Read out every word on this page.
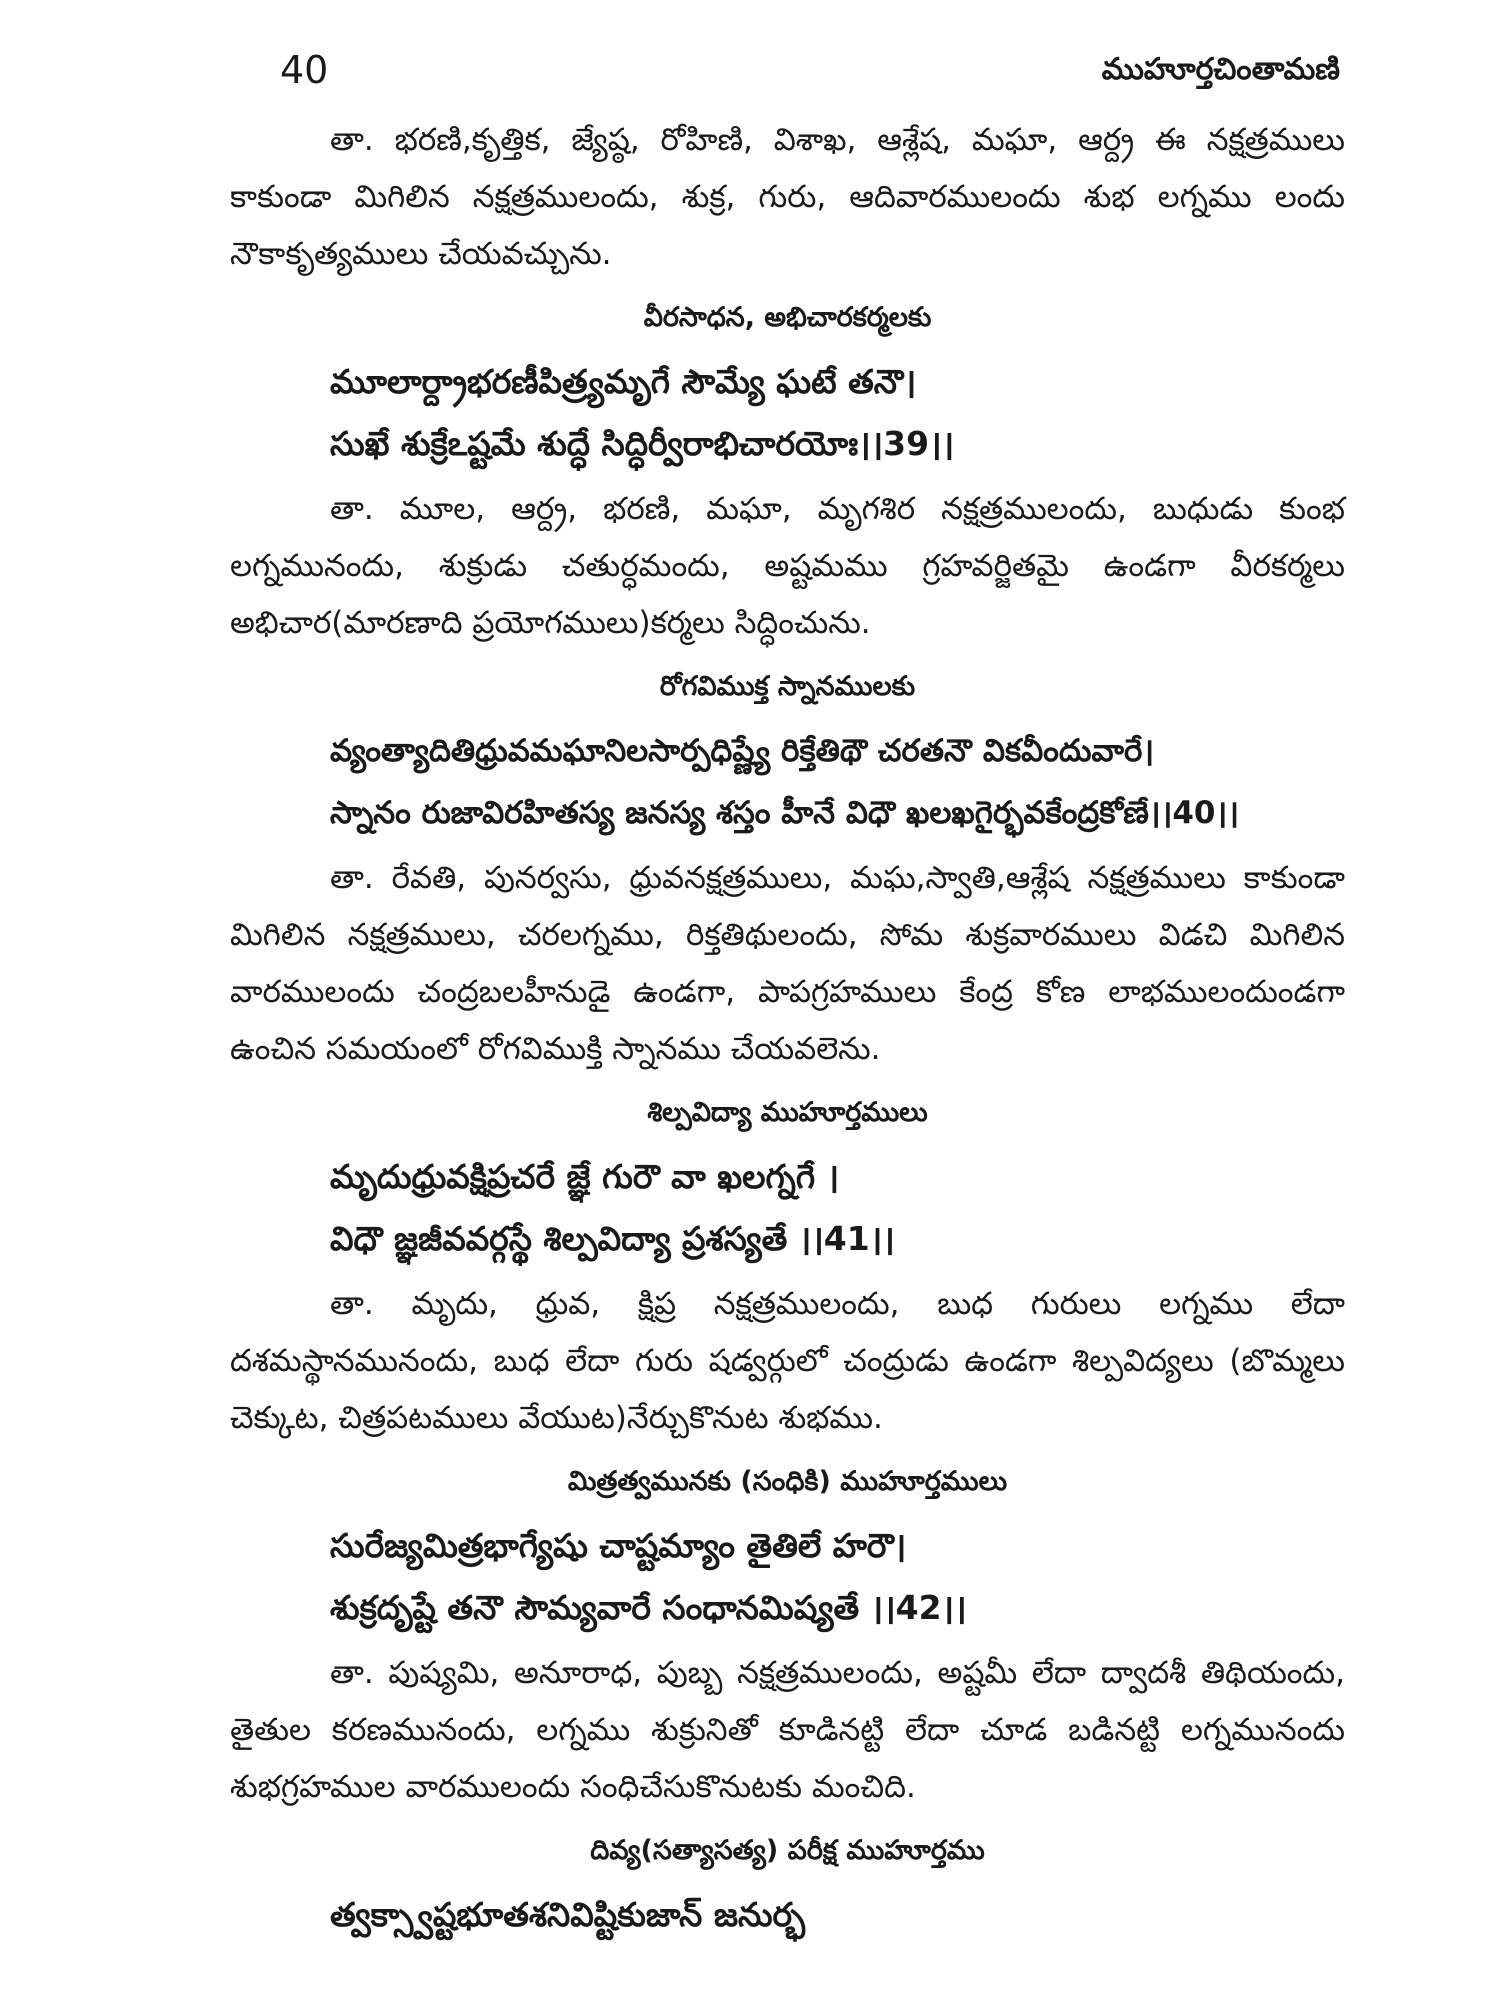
40	ముహూర్తచింతామణి

తా. భరణి,కృత్తిక, జ్యేష్ఠ, రోహిణి, విశాఖ, ఆశ్లేష, మఘా, ఆర్ద్ర ఈ నక్షత్రములు కాకుండా మిగిలిన నక్షత్రములందు, శుక్ర, గురు, ఆదివారములందు శుభ లగ్నము లందు నౌకాకృత్యములు చేయవచ్చును.

వీరసాధన, అభిచారకర్మలకు

మూలార్ద్రాభరణీపిత్ర్యమృగే సౌమ్యే ఘటే తనౌ।

సుఖే శుక్రేఽష్టమే శుద్ధే సిద్ధిర్వీరాభిచారయోః।।39।।

తా. మూల, ఆర్ద్ర, భరణి, మఘా, మృగశిర నక్షత్రములందు, బుధుడు కుంభ లగ్నమునందు, శుక్రుడు చతుర్ధమందు, అష్టమము గ్రహవర్జితమై ఉండగా వీరకర్మలు అభిచార(మారణాది ప్రయోగములు)కర్మలు సిద్ధించును.

రోగవిముక్త స్నానములకు

వ్యంత్యాదితిధ్రువమఘానిలసార్పధిష్ణ్యే రిక్తేతిథౌ చరతనౌ వికవీందువారే।

స్నానం రుజావిరహితస్య జనస్య శస్తం హీనే విధౌ ఖలఖగైర్భవకేంద్రకోణే।।40।।

తా. రేవతి, పునర్వసు, ధ్రువనక్షత్రములు, మఘ,స్వాతి,ఆశ్లేష నక్షత్రములు కాకుండా మిగిలిన నక్షత్రములు, చరలగ్నము, రిక్తతిథులందు, సోమ శుక్రవారములు విడచి మిగిలిన వారములందు చంద్రబలహీనుడై ఉండగా, పాపగ్రహములు కేంద్ర కోణ లాభములందుండగా ఉంచిన సమయంలో రోగవిముక్తి స్నానము చేయవలెను.

శిల్పవిద్యా ముహూర్తములు

మృదుధ్రువక్షిప్రచరే జ్ఞే గురౌ వా ఖలగ్నగే ।

విధౌ జ్ఞజీవవర్గస్థే శిల్పవిద్యా ప్రశస్యతే ।।41।।

తా. మృదు, ధ్రువ, క్షిప్ర నక్షత్రములందు, బుధ గురులు లగ్నము లేదా దశమస్థానమునందు, బుధ లేదా గురు షడ్వర్గులో చంద్రుడు ఉండగా శిల్పవిద్యలు (బొమ్మలు చెక్కుట, చిత్రపటములు వేయుట)నేర్చుకొనుట శుభము.

మిత్రత్వమునకు (సంధికి) ముహూర్తములు

సురేజ్యమిత్రభాగ్యేషు చాష్టమ్యాం తైతిలే హరౌ।

శుక్రదృష్టే తనౌ సౌమ్యవారే సంధానమిష్యతే ।।42।।

తా. పుష్యమి, అనూరాధ, పుబ్బ నక్షత్రములందు, అష్టమీ లేదా ద్వాదశీ తిథియందు, తైతుల కరణమునందు, లగ్నము శుక్రునితో కూడినట్టి లేదా చూడ బడినట్టి లగ్నమునందు శుభగ్రహముల వారములందు సంధిచేసుకొనుటకు మంచిది.

దివ్య(సత్యాసత్య) పరీక్ష ముహూర్తము

త్వక్స్వాష్టభూతశనివిష్టికుజాన్ జనుర్భ
